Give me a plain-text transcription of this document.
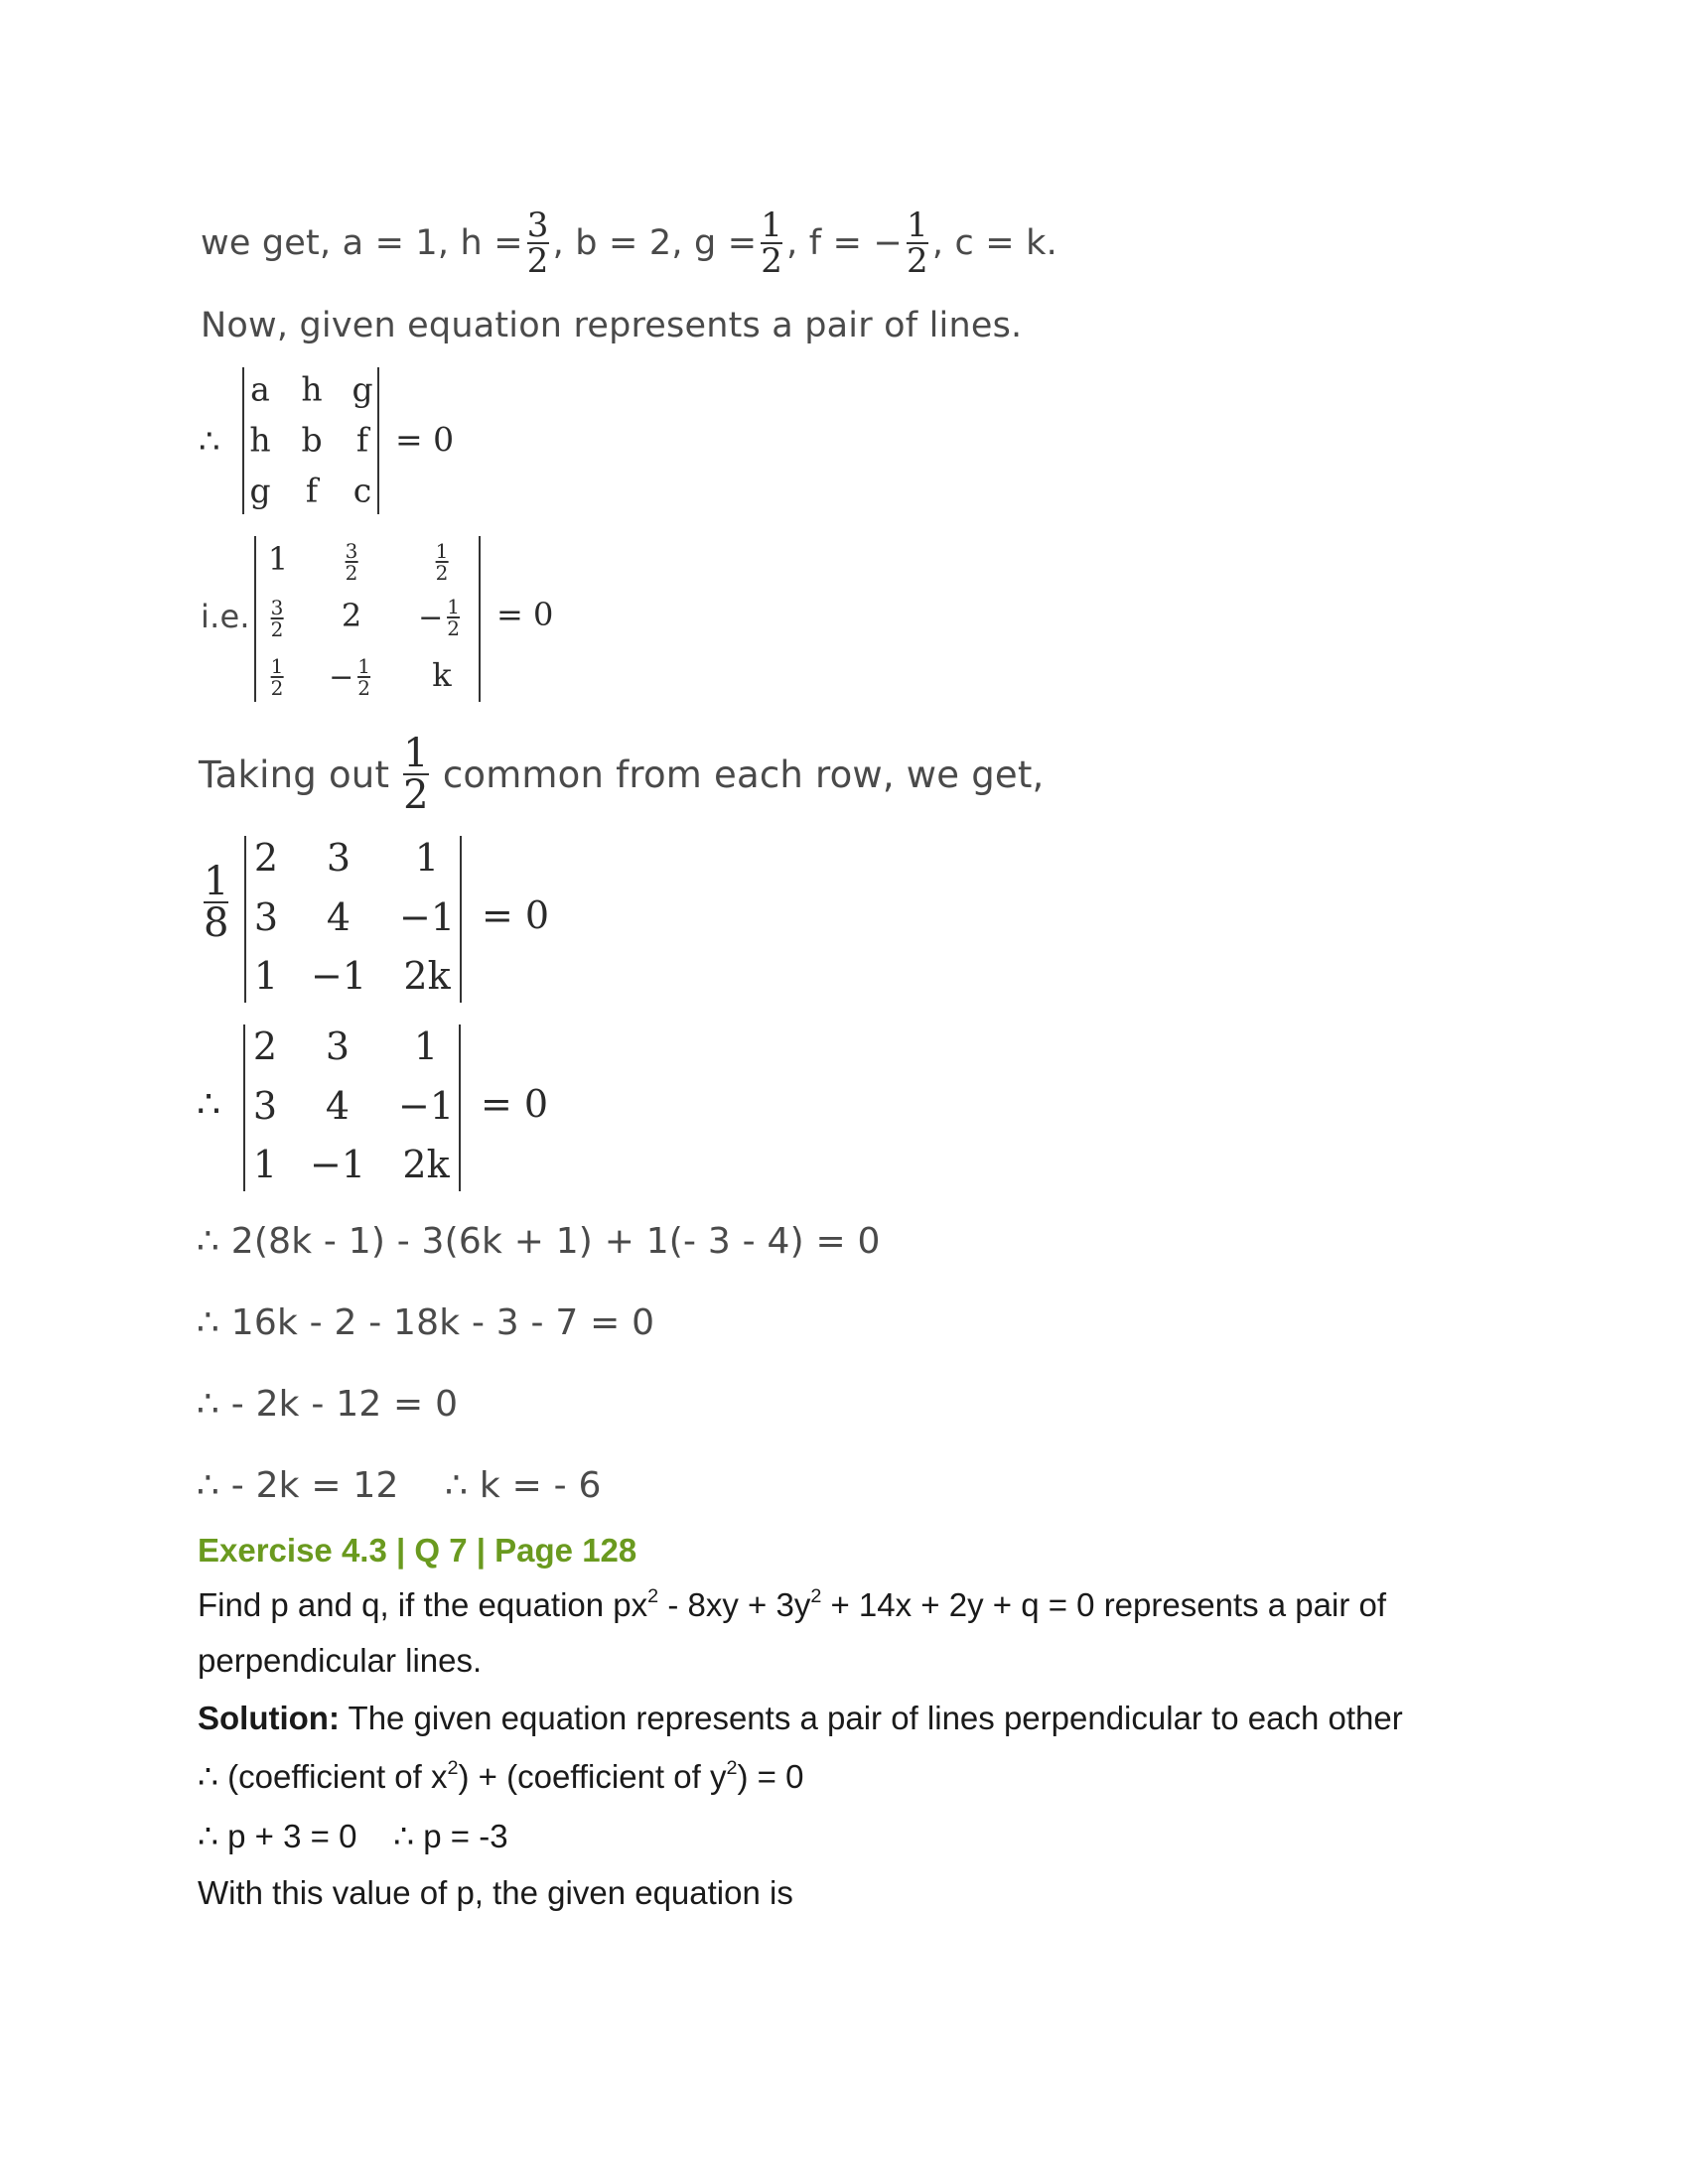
we get, a = 1, $h = \frac{3}{2}$ , b = 2, $g = \frac{1}{2}$ , f = − $\frac{1}{2}$ , c = k.
Now, given equation represents a pair of lines.
∴
a h g
h b f
g f c
= 0
i.e.
1	3
2
1
2
3
2 $2 - \frac{1}{2}$
1
$2 - \frac{1}{2}$ k
= 0
Taking out $\frac{1}{2}$ common from each row, we get,
$\frac{1}{8}$
2 3 1
3 4 −1
1 −1 2k
= 0
∴
2 3 1
3 4 −1
1 −1 2k
= 0
∴ 2(8k - 1) - 3(6k + 1) + 1(- 3 - 4) = 0
∴ 16k - 2 - 18k - 3 - 7 = 0
∴ - 2k - 12 = 0
∴ - 2k = 12    ∴ k = - 6
Exercise 4.3 | Q 7 | Page 128
Find p and q, if the equation $px^2 - 8xy + 3y^2 + 14x + 2y + q = 0$ represents a pair of
perpendicular lines.
Solution: The given equation represents a pair of lines perpendicular to each other
∴ (coefficient of $x^2$) + (coefficient of $y^2) = 0$
∴ p + 3 = 0    ∴ p = -3
With this value of p, the given equation is
